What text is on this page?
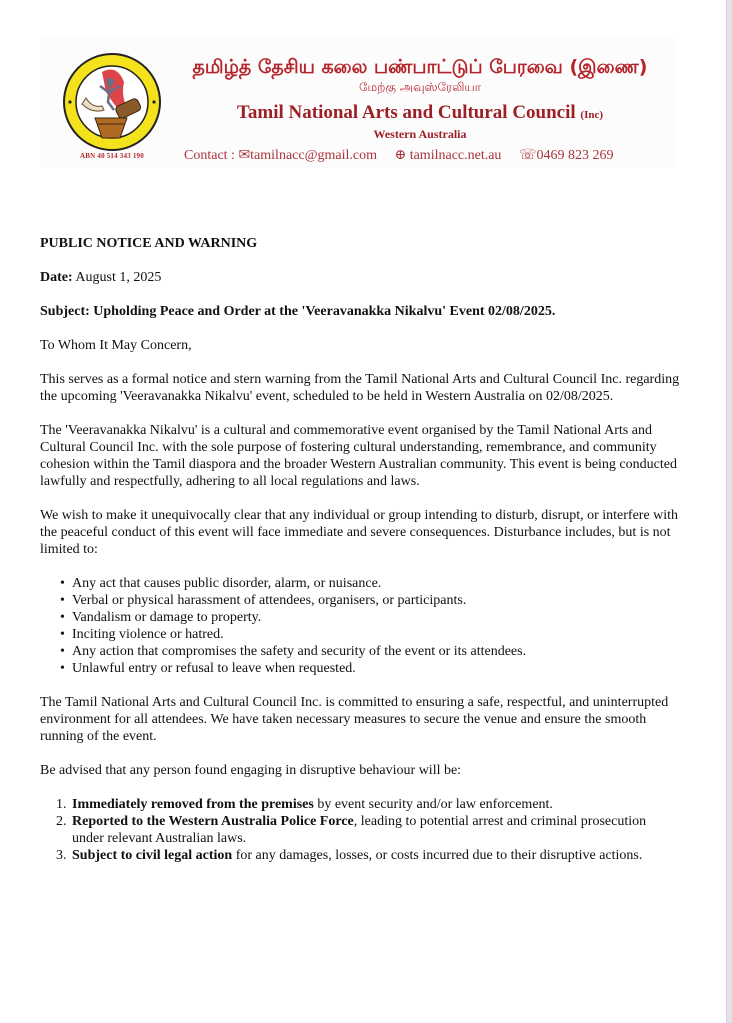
ABN 40 514 343 190
தமிழ்த் தேசிய கலை பண்பாட்டுப் பேரவை (இணை)
மேற்கு அவுஸ்ரேலியா
Tamil National Arts and Cultural Council (Inc)
Western Australia
Contact : ✉tamilnacc@gmail.com ⊕ tamilnacc.net.au ☏0469 823 269
PUBLIC NOTICE AND WARNING

Date: August 1, 2025

Subject: Upholding Peace and Order at the 'Veeravanakka Nikalvu' Event 02/08/2025.

To Whom It May Concern,

This serves as a formal notice and stern warning from the Tamil National Arts and Cultural Council Inc. regarding the upcoming 'Veeravanakka Nikalvu' event, scheduled to be held in Western Australia on 02/08/2025.

The 'Veeravanakka Nikalvu' is a cultural and commemorative event organised by the Tamil National Arts and Cultural Council Inc. with the sole purpose of fostering cultural understanding, remembrance, and community cohesion within the Tamil diaspora and the broader Western Australian community. This event is being conducted lawfully and respectfully, adhering to all local regulations and laws.

We wish to make it unequivocally clear that any individual or group intending to disturb, disrupt, or interfere with the peaceful conduct of this event will face immediate and severe consequences. Disturbance includes, but is not limited to:

• Any act that causes public disorder, alarm, or nuisance.
• Verbal or physical harassment of attendees, organisers, or participants.
• Vandalism or damage to property.
• Inciting violence or hatred.
• Any action that compromises the safety and security of the event or its attendees.
• Unlawful entry or refusal to leave when requested.

The Tamil National Arts and Cultural Council Inc. is committed to ensuring a safe, respectful, and uninterrupted environment for all attendees. We have taken necessary measures to secure the venue and ensure the smooth running of the event.

Be advised that any person found engaging in disruptive behaviour will be:

1. Immediately removed from the premises by event security and/or law enforcement.
2. Reported to the Western Australia Police Force, leading to potential arrest and criminal prosecution under relevant Australian laws.
3. Subject to civil legal action for any damages, losses, or costs incurred due to their disruptive actions.
